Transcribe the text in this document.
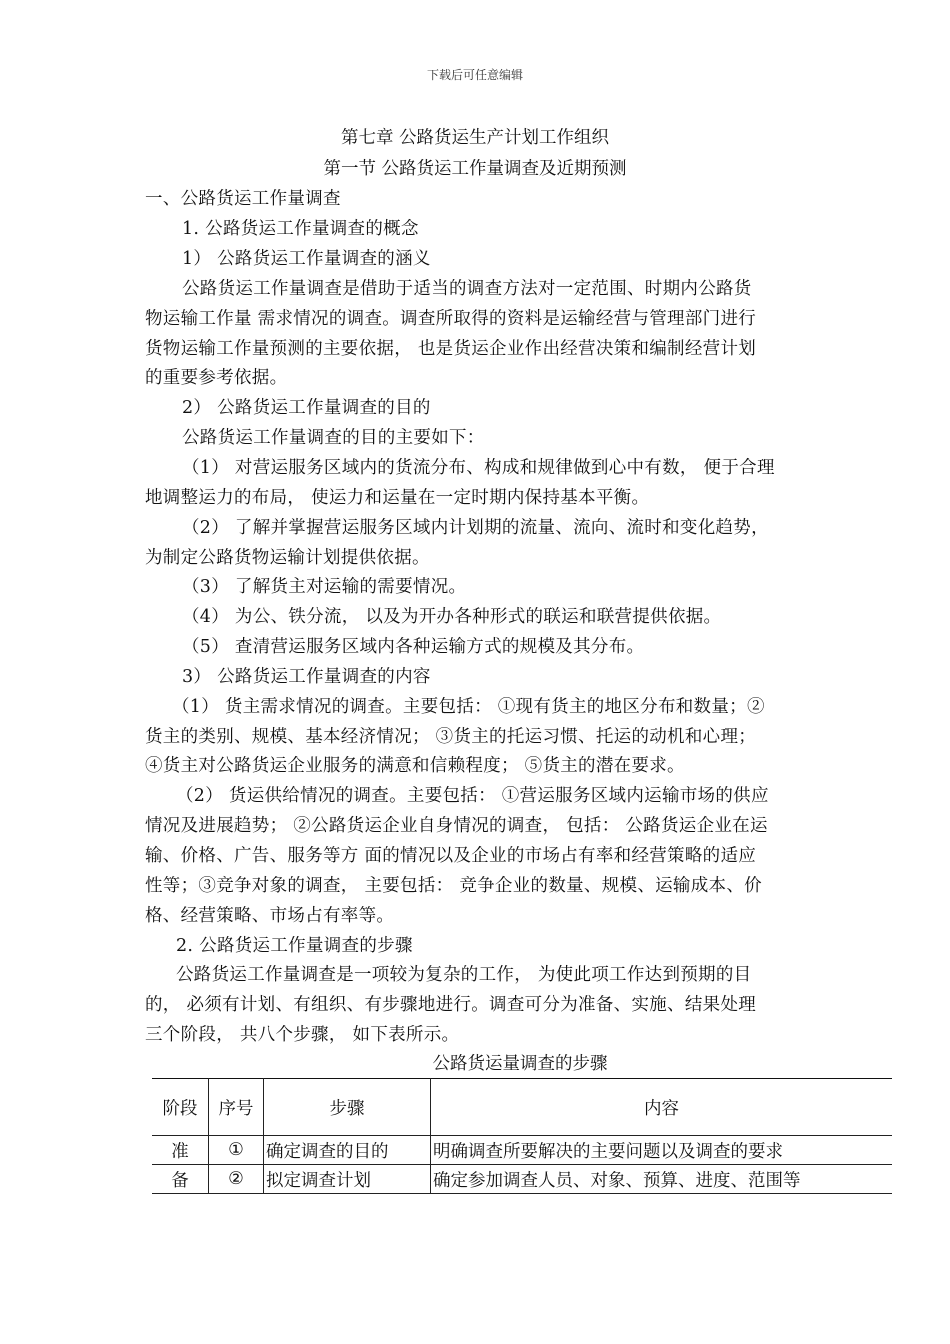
下载后可任意编辑
第七章 公路货运生产计划工作组织
第一节 公路货运工作量调查及近期预测
一、公路货运工作量调查
1. 公路货运工作量调查的概念
1） 公路货运工作量调查的涵义
公路货运工作量调查是借助于适当的调查方法对一定范围、时期内公路货
物运输工作量 需求情况的调查。调查所取得的资料是运输经营与管理部门进行
货物运输工作量预测的主要依据， 也是货运企业作出经营决策和编制经营计划
的重要参考依据。
2） 公路货运工作量调查的目的
公路货运工作量调查的目的主要如下：
（1） 对营运服务区域内的货流分布、构成和规律做到心中有数， 便于合理
地调整运力的布局， 使运力和运量在一定时期内保持基本平衡。
（2） 了解并掌握营运服务区域内计划期的流量、流向、流时和变化趋势，
为制定公路货物运输计划提供依据。
（3） 了解货主对运输的需要情况。
（4） 为公、铁分流， 以及为开办各种形式的联运和联营提供依据。
（5） 查清营运服务区域内各种运输方式的规模及其分布。
3） 公路货运工作量调查的内容
（1） 货主需求情况的调查。主要包括： ①现有货主的地区分布和数量；②
货主的类别、规模、基本经济情况； ③货主的托运习惯、托运的动机和心理；
④货主对公路货运企业服务的满意和信赖程度； ⑤货主的潜在要求。
（2） 货运供给情况的调查。主要包括： ①营运服务区域内运输市场的供应
情况及进展趋势； ②公路货运企业自身情况的调查， 包括： 公路货运企业在运
输、价格、广告、服务等方 面的情况以及企业的市场占有率和经营策略的适应
性等；③竞争对象的调查， 主要包括： 竞争企业的数量、规模、运输成本、价
格、经营策略、市场占有率等。
2. 公路货运工作量调查的步骤
公路货运工作量调查是一项较为复杂的工作， 为使此项工作达到预期的目
的， 必须有计划、有组织、有步骤地进行。调查可分为准备、实施、结果处理
三个阶段， 共八个步骤， 如下表所示。
公路货运量调查的步骤
阶段	序号	步骤	内容
准	①	确定调查的目的	明确调查所要解决的主要问题以及调查的要求
备	②	拟定调查计划	确定参加调查人员、对象、预算、进度、范围等
